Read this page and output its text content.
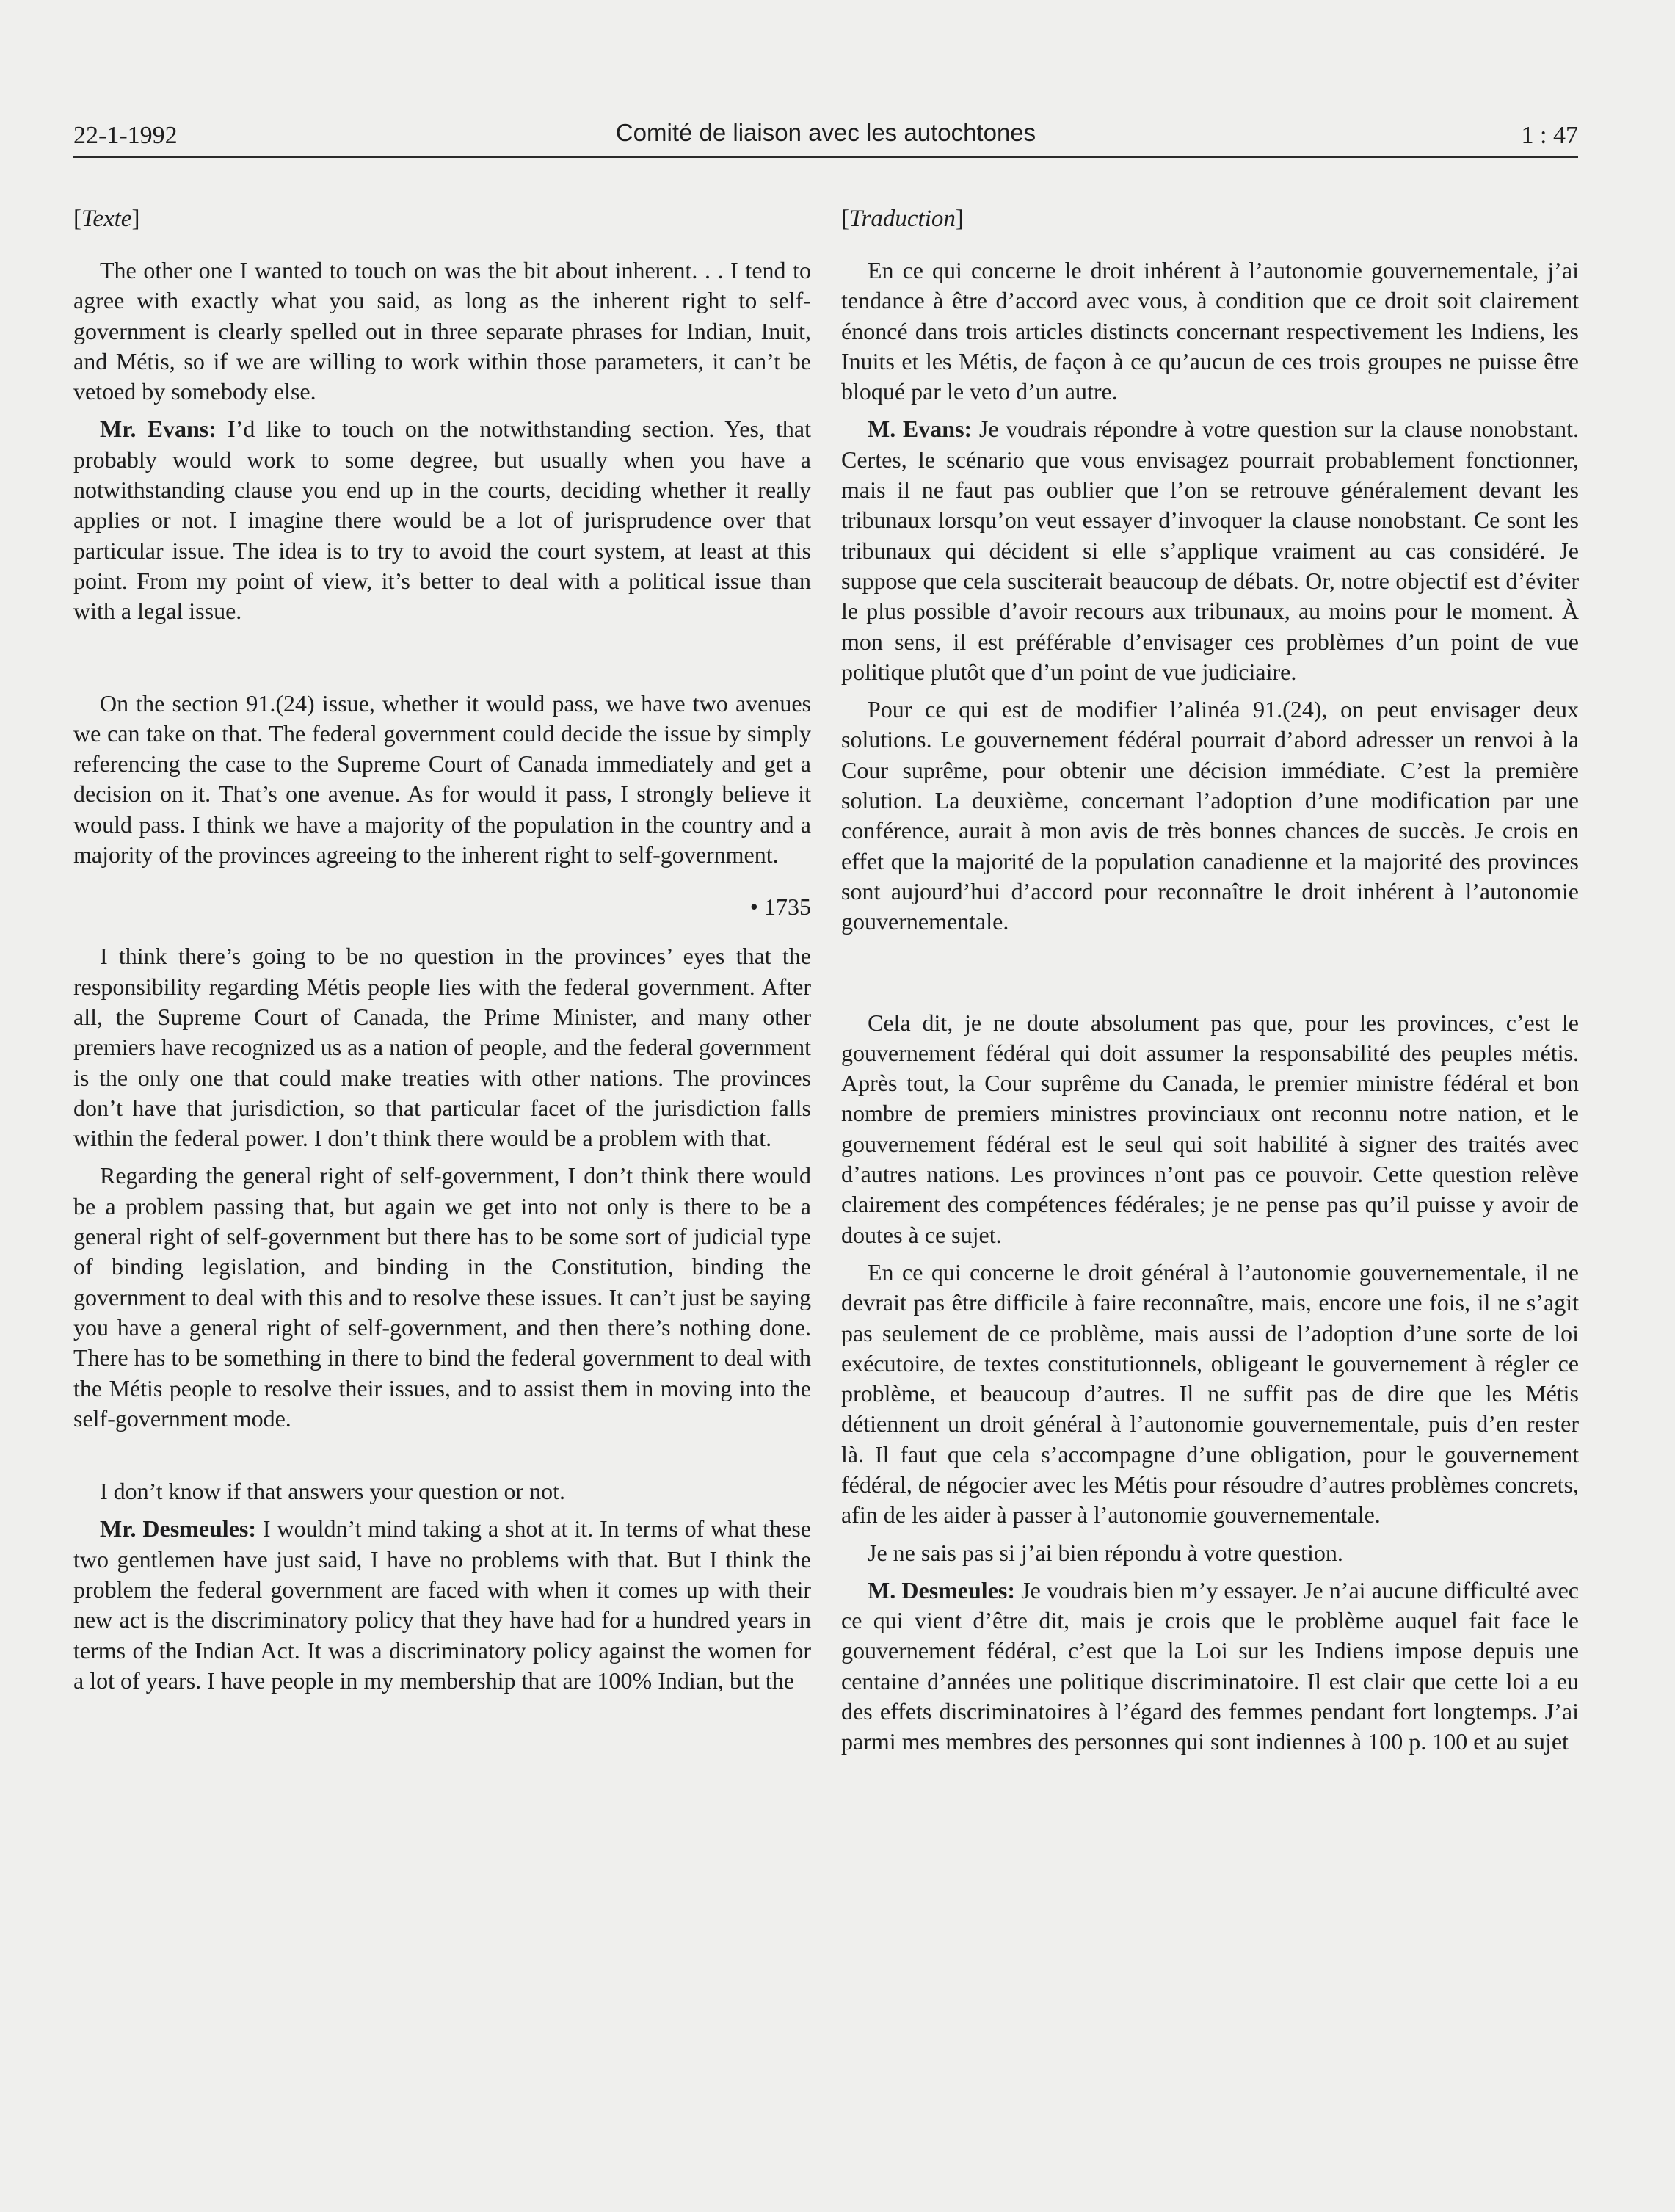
22-1-1992	Comité de liaison avec les autochtones	1 : 47
[Texte]

The other one I wanted to touch on was the bit about inherent. . . I tend to agree with exactly what you said, as long as the inherent right to self-government is clearly spelled out in three separate phrases for Indian, Inuit, and Métis, so if we are willing to work within those parameters, it can’t be vetoed by somebody else.

Mr. Evans: I’d like to touch on the notwithstanding section. Yes, that probably would work to some degree, but usually when you have a notwithstanding clause you end up in the courts, deciding whether it really applies or not. I imagine there would be a lot of jurisprudence over that particular issue. The idea is to try to avoid the court system, at least at this point. From my point of view, it’s better to deal with a political issue than with a legal issue.

On the section 91.(24) issue, whether it would pass, we have two avenues we can take on that. The federal government could decide the issue by simply referencing the case to the Supreme Court of Canada immediately and get a decision on it. That’s one avenue. As for would it pass, I strongly believe it would pass. I think we have a majority of the population in the country and a majority of the provinces agreeing to the inherent right to self-government.

• 1735

I think there’s going to be no question in the provinces’ eyes that the responsibility regarding Métis people lies with the federal government. After all, the Supreme Court of Canada, the Prime Minister, and many other premiers have recognized us as a nation of people, and the federal government is the only one that could make treaties with other nations. The provinces don’t have that jurisdiction, so that particular facet of the jurisdiction falls within the federal power. I don’t think there would be a problem with that.

Regarding the general right of self-government, I don’t think there would be a problem passing that, but again we get into not only is there to be a general right of self-government but there has to be some sort of judicial type of binding legislation, and binding in the Constitution, binding the government to deal with this and to resolve these issues. It can’t just be saying you have a general right of self-government, and then there’s nothing done. There has to be something in there to bind the federal government to deal with the Métis people to resolve their issues, and to assist them in moving into the self-government mode.

I don’t know if that answers your question or not.

Mr. Desmeules: I wouldn’t mind taking a shot at it. In terms of what these two gentlemen have just said, I have no problems with that. But I think the problem the federal government are faced with when it comes up with their new act is the discriminatory policy that they have had for a hundred years in terms of the Indian Act. It was a discriminatory policy against the women for a lot of years. I have people in my membership that are 100% Indian, but the

[Traduction]

En ce qui concerne le droit inhérent à l’autonomie gouvernementale, j’ai tendance à être d’accord avec vous, à condition que ce droit soit clairement énoncé dans trois articles distincts concernant respectivement les Indiens, les Inuits et les Métis, de façon à ce qu’aucun de ces trois groupes ne puisse être bloqué par le veto d’un autre.

M. Evans: Je voudrais répondre à votre question sur la clause nonobstant. Certes, le scénario que vous envisagez pourrait probablement fonctionner, mais il ne faut pas oublier que l’on se retrouve généralement devant les tribunaux lorsqu’on veut essayer d’invoquer la clause nonobstant. Ce sont les tribunaux qui décident si elle s’applique vraiment au cas considéré. Je suppose que cela susciterait beaucoup de débats. Or, notre objectif est d’éviter le plus possible d’avoir recours aux tribunaux, au moins pour le moment. À mon sens, il est préférable d’envisager ces problèmes d’un point de vue politique plutôt que d’un point de vue judiciaire.

Pour ce qui est de modifier l’alinéa 91.(24), on peut envisager deux solutions. Le gouvernement fédéral pourrait d’abord adresser un renvoi à la Cour suprême, pour obtenir une décision immédiate. C’est la première solution. La deuxième, concernant l’adoption d’une modification par une conférence, aurait à mon avis de très bonnes chances de succès. Je crois en effet que la majorité de la population canadienne et la majorité des provinces sont aujourd’hui d’accord pour reconnaître le droit inhérent à l’autonomie gouvernementale.

Cela dit, je ne doute absolument pas que, pour les provinces, c’est le gouvernement fédéral qui doit assumer la responsabilité des peuples métis. Après tout, la Cour suprême du Canada, le premier ministre fédéral et bon nombre de premiers ministres provinciaux ont reconnu notre nation, et le gouvernement fédéral est le seul qui soit habilité à signer des traités avec d’autres nations. Les provinces n’ont pas ce pouvoir. Cette question relève clairement des compétences fédérales; je ne pense pas qu’il puisse y avoir de doutes à ce sujet.

En ce qui concerne le droit général à l’autonomie gouvernementale, il ne devrait pas être difficile à faire reconnaître, mais, encore une fois, il ne s’agit pas seulement de ce problème, mais aussi de l’adoption d’une sorte de loi exécutoire, de textes constitutionnels, obligeant le gouvernement à régler ce problème, et beaucoup d’autres. Il ne suffit pas de dire que les Métis détiennent un droit général à l’autonomie gouvernementale, puis d’en rester là. Il faut que cela s’accompagne d’une obligation, pour le gouvernement fédéral, de négocier avec les Métis pour résoudre d’autres problèmes concrets, afin de les aider à passer à l’autonomie gouvernementale.

Je ne sais pas si j’ai bien répondu à votre question.

M. Desmeules: Je voudrais bien m’y essayer. Je n’ai aucune difficulté avec ce qui vient d’être dit, mais je crois que le problème auquel fait face le gouvernement fédéral, c’est que la Loi sur les Indiens impose depuis une centaine d’années une politique discriminatoire. Il est clair que cette loi a eu des effets discriminatoires à l’égard des femmes pendant fort longtemps. J’ai parmi mes membres des personnes qui sont indiennes à 100 p. 100 et au sujet
